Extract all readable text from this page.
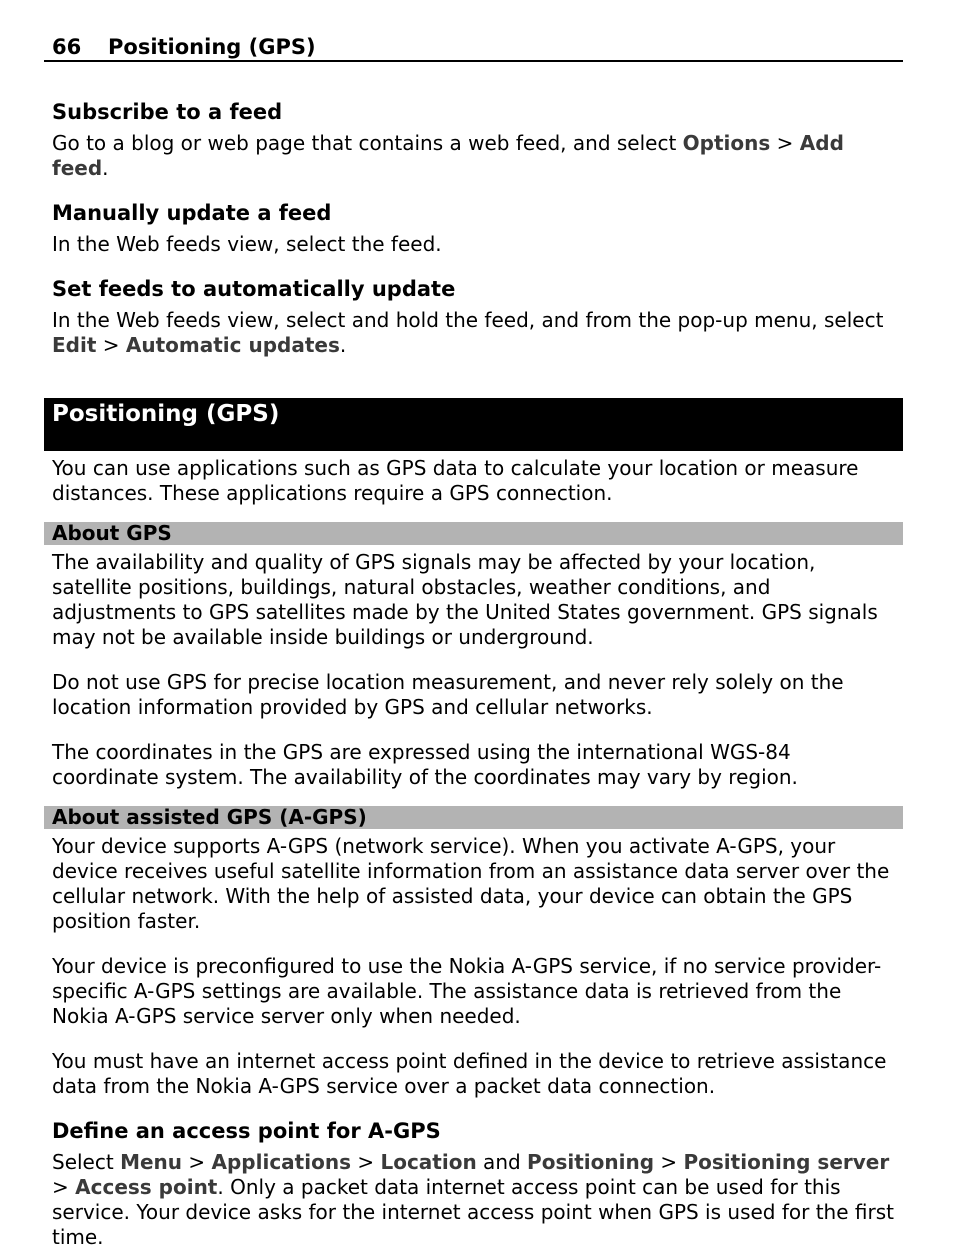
66	Positioning (GPS)
Subscribe to a feed

Go to a blog or web page that contains a web feed, and select Options > Add feed.

Manually update a feed

In the Web feeds view, select the feed.

Set feeds to automatically update

In the Web feeds view, select and hold the feed, and from the pop-up menu, select Edit > Automatic updates.

Positioning (GPS)

You can use applications such as GPS data to calculate your location or measure distances. These applications require a GPS connection.

About GPS

The availability and quality of GPS signals may be affected by your location, satellite positions, buildings, natural obstacles, weather conditions, and adjustments to GPS satellites made by the United States government. GPS signals may not be available inside buildings or underground.

Do not use GPS for precise location measurement, and never rely solely on the location information provided by GPS and cellular networks.

The coordinates in the GPS are expressed using the international WGS-84 coordinate system. The availability of the coordinates may vary by region.

About assisted GPS (A-GPS)

Your device supports A-GPS (network service). When you activate A-GPS, your device receives useful satellite information from an assistance data server over the cellular network. With the help of assisted data, your device can obtain the GPS position faster.

Your device is preconfigured to use the Nokia A-GPS service, if no service provider-specific A-GPS settings are available. The assistance data is retrieved from the Nokia A-GPS service server only when needed.

You must have an internet access point defined in the device to retrieve assistance data from the Nokia A-GPS service over a packet data connection.

Define an access point for A-GPS

Select Menu > Applications > Location and Positioning > Positioning server > Access point. Only a packet data internet access point can be used for this service. Your device asks for the internet access point when GPS is used for the first time.
